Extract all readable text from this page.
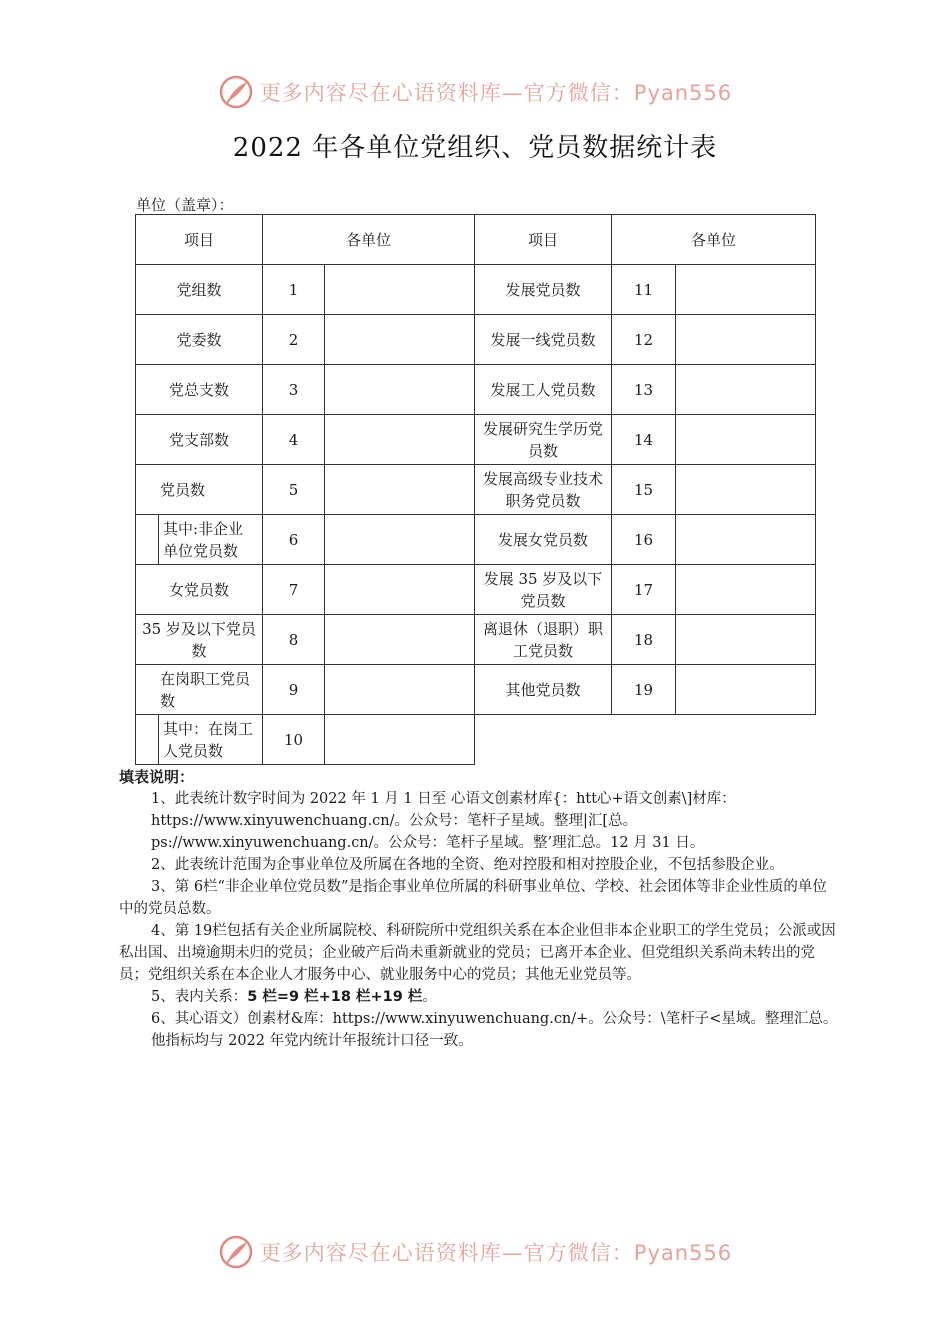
更多内容尽在心语资料库—官方微信：Pyan556
2022 年各单位党组织、党员数据统计表
单位（盖章）：
项目	各单位		项目	各单位	
党组数	1		发展党员数	11	
党委数	2		发展一线党员数	12	
党总支数	3		发展工人党员数	13	
党支部数	4		发展研究生学历党员数	14	
党员数	5		发展高级专业技术职务党员数	15	

其中:非企业单位党员数	6		发展女党员数	16	
女党员数	7		发展 35 岁及以下党员数	17	
35 岁及以下党员数	8		离退休（退职）职工党员数	18	
在岗职工党员数	9		其他党员数	19	

其中：在岗工人党员数	10				
填表说明：

1、此表统计数字时间为 2022 年 1 月 1 日至 心语文创素材库{：htt心+语文创素\]材库：https://www.xinyuwenchuang.cn/。公众号：笔杆子星域。整理|汇[总。ps://www.xinyuwenchuang.cn/。公众号：笔杆子星域。整’理汇总。12 月 31 日。

2、此表统计范围为企事业单位及所属在各地的全资、绝对控股和相对控股企业，不包括参股企业。

3、第 6栏“非企业单位党员数”是指企事业单位所属的科研事业单位、学校、社会团体等非企业性质的单位中的党员总数。

4、第 19栏包括有关企业所属院校、科研院所中党组织关系在本企业但非本企业职工的学生党员；公派或因私出国、出境逾期未归的党员；企业破产后尚未重新就业的党员；已离开本企业、但党组织关系尚未转出的党员；党组织关系在本企业人才服务中心、就业服务中心的党员；其他无业党员等。

5、表内关系：5 栏=9 栏+18 栏+19 栏。

6、其心语文）创素材&库：https://www.xinyuwenchuang.cn/+。公众号：\笔杆子<星域。整理汇总。他指标均与 2022 年党内统计年报统计口径一致。

更多内容尽在心语资料库—官方微信：Pyan556
